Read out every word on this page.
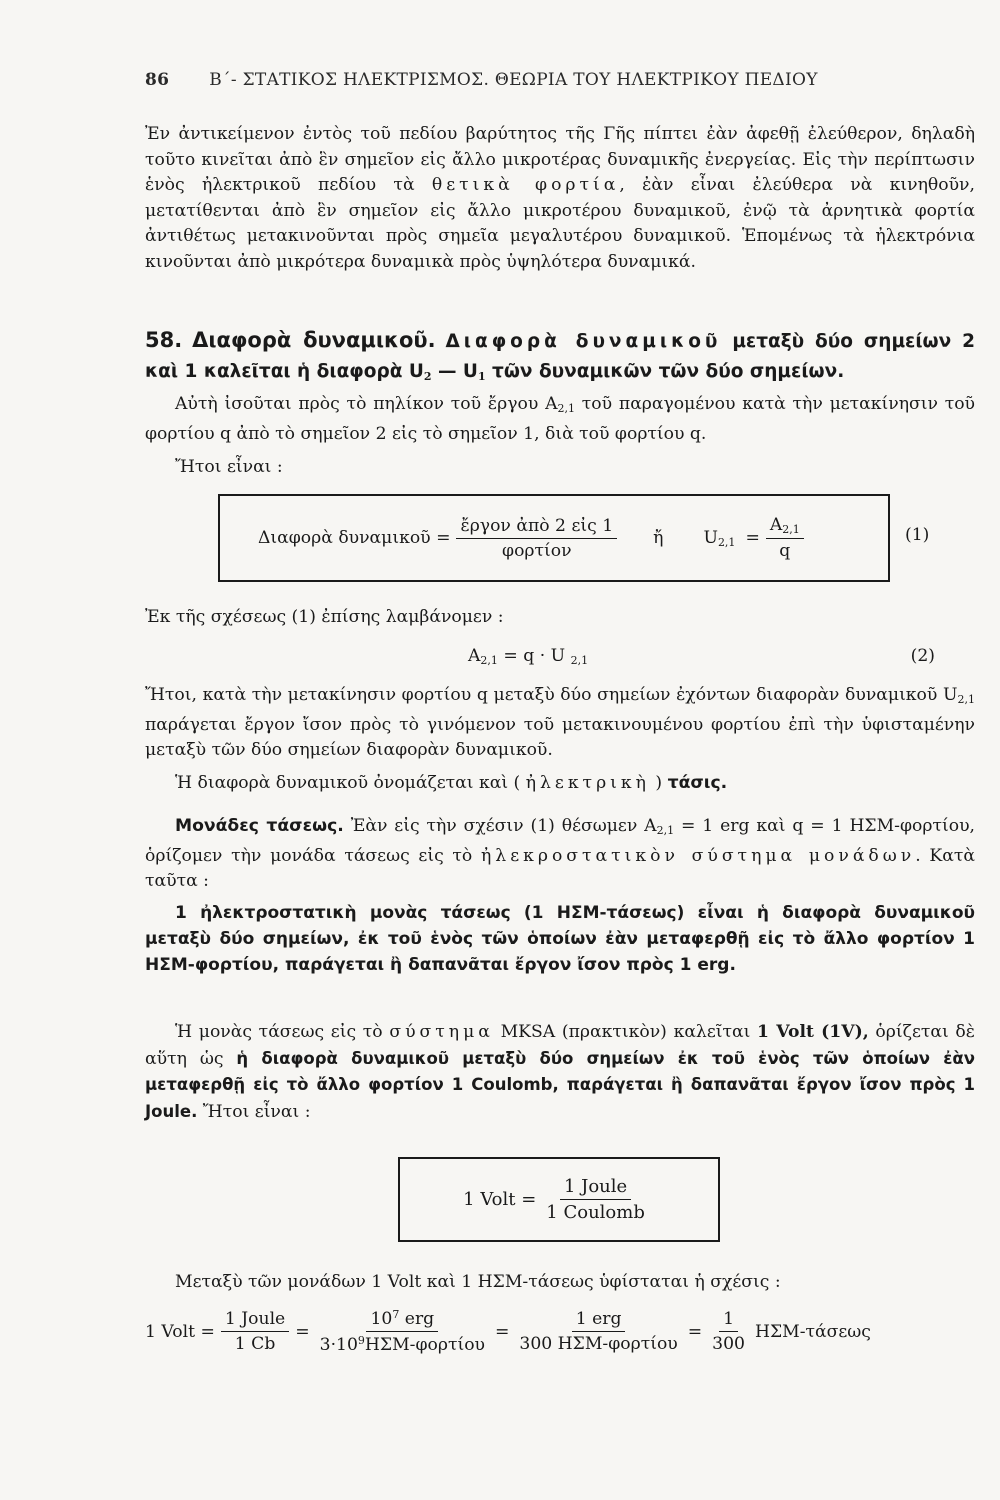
86 Β΄- ΣΤΑΤΙΚΟΣ ΗΛΕΚΤΡΙΣΜΟΣ. ΘΕΩΡΙΑ ΤΟΥ ΗΛΕΚΤΡΙΚΟΥ ΠΕΔΙΟΥ
Ἐν ἀντικείμενον ἐντὸς τοῦ πεδίου βαρύτητος τῆς Γῆς πίπτει ἐὰν ἀφεθῇ ἐλεύθερον, δηλαδὴ τοῦτο κινεῖται ἀπὸ ἓν σημεῖον εἰς ἄλλο μικροτέρας δυναμικῆς ἐνεργείας. Εἰς τὴν περίπτωσιν ἑνὸς ἠλεκτρικοῦ πεδίου τὰ θετικὰ φορτία, ἐὰν εἶναι ἐλεύθερα νὰ κινηθοῦν, μετατίθενται ἀπὸ ἓν σημεῖον εἰς ἄλλο μικροτέρου δυναμικοῦ, ἐνῷ τὰ ἀρνητικὰ φορτία ἀντιθέτως μετακινοῦνται πρὸς σημεῖα μεγαλυτέρου δυναμικοῦ. Ἑπομένως τὰ ἠλεκτρόνια κινοῦνται ἀπὸ μικρότερα δυναμικὰ πρὸς ὑψηλότερα δυναμικά.
58. Διαφορὰ δυναμικοῦ. Διαφορὰ δυναμικοῦ μεταξὺ δύο σημείων 2 καὶ 1 καλεῖται ἡ διαφορὰ $U_2$ — $U_1$ τῶν δυναμικῶν τῶν δύο σημείων.
Αὐτὴ ἰσοῦται πρὸς τὸ πηλίκον τοῦ ἔργου $A_{2,1}$ τοῦ παραγομένου κατὰ τὴν μετακίνησιν τοῦ φορτίου q ἀπὸ τὸ σημεῖον 2 εἰς τὸ σημεῖον 1, διὰ τοῦ φορτίου q.
Ἤτοι εἶναι :
Διαφορὰ δυναμικοῦ = $\frac{\text{ἔργον ἀπὸ 2 εἰς 1}}{\text{φορτίον}}$ ἤ $U_{2,1} = \frac{A_{2,1}}{q}$	(1)
Ἐκ τῆς σχέσεως (1) ἐπίσης λαμβάνομεν :
$A_{2,1} = q \cdot U$ $_{2,1}$	(2)
Ἤτοι, κατὰ τὴν μετακίνησιν φορτίου q μεταξὺ δύο σημείων ἐχόντων διαφορὰν δυναμικοῦ $U_{2,1}$ παράγεται ἔργον ἴσον πρὸς τὸ γινόμενον τοῦ μετακινουμένου φορτίου ἐπὶ τὴν ὑφισταμένην μεταξὺ τῶν δύο σημείων διαφορὰν δυναμικοῦ.
Ἡ διαφορὰ δυναμικοῦ ὀνομάζεται καὶ ( ἠλεκτρικὴ ) τάσις.
Μονάδες τάσεως. Ἐὰν εἰς τὴν σχέσιν (1) θέσωμεν $A_{2,1} = 1$ erg καὶ q = 1 ΗΣΜ-φορτίου, ὁρίζομεν τὴν μονάδα τάσεως εἰς τὸ ἠλεκροστατικὸν σύστημα μονάδων. Κατὰ ταῦτα :
1 ἠλεκτροστατικὴ μονὰς τάσεως (1 ΗΣΜ-τάσεως) εἶναι ἡ διαφορὰ δυναμικοῦ μεταξὺ δύο σημείων, ἐκ τοῦ ἑνὸς τῶν ὁποίων ἐὰν μεταφερθῇ εἰς τὸ ἄλλο φορτίον 1 ΗΣΜ-φορτίου, παράγεται ἢ δαπανᾶται ἔργον ἴσον πρὸς 1 erg.
Ἡ μονὰς τάσεως εἰς τὸ σύστημα MKSA (πρακτικὸν) καλεῖται 1 Volt (1V), ὁρίζεται δὲ αὕτη ὡς ἡ διαφορὰ δυναμικοῦ μεταξὺ δύο σημείων ἐκ τοῦ ἑνὸς τῶν ὁποίων ἐὰν μεταφερθῇ εἰς τὸ ἄλλο φορτίον 1 Coulomb, παράγεται ἢ δαπανᾶται ἔργον ἴσον πρὸς 1 Joule. Ἤτοι εἶναι :
1 Volt = $\frac{\text{1 Joule}}{\text{1 Coulomb}}$
Μεταξὺ τῶν μονάδων 1 Volt καὶ 1 ΗΣΜ-τάσεως ὑφίσταται ἡ σχέσις :
1 Volt = $\frac{\text{1 Joule}}{1 Cb} = \frac{10^7 erg}{3\cdot 10^9H\Sigma M-\varphi o\rho\tau ίo\upsilon} = \frac{\text{1 erg}}{\text{300 ΗΣΜ-φορτίου}} = \frac{1}{300} H\Sigma M-\tau ά\sigma\varepsilon\omega\varsigma$
